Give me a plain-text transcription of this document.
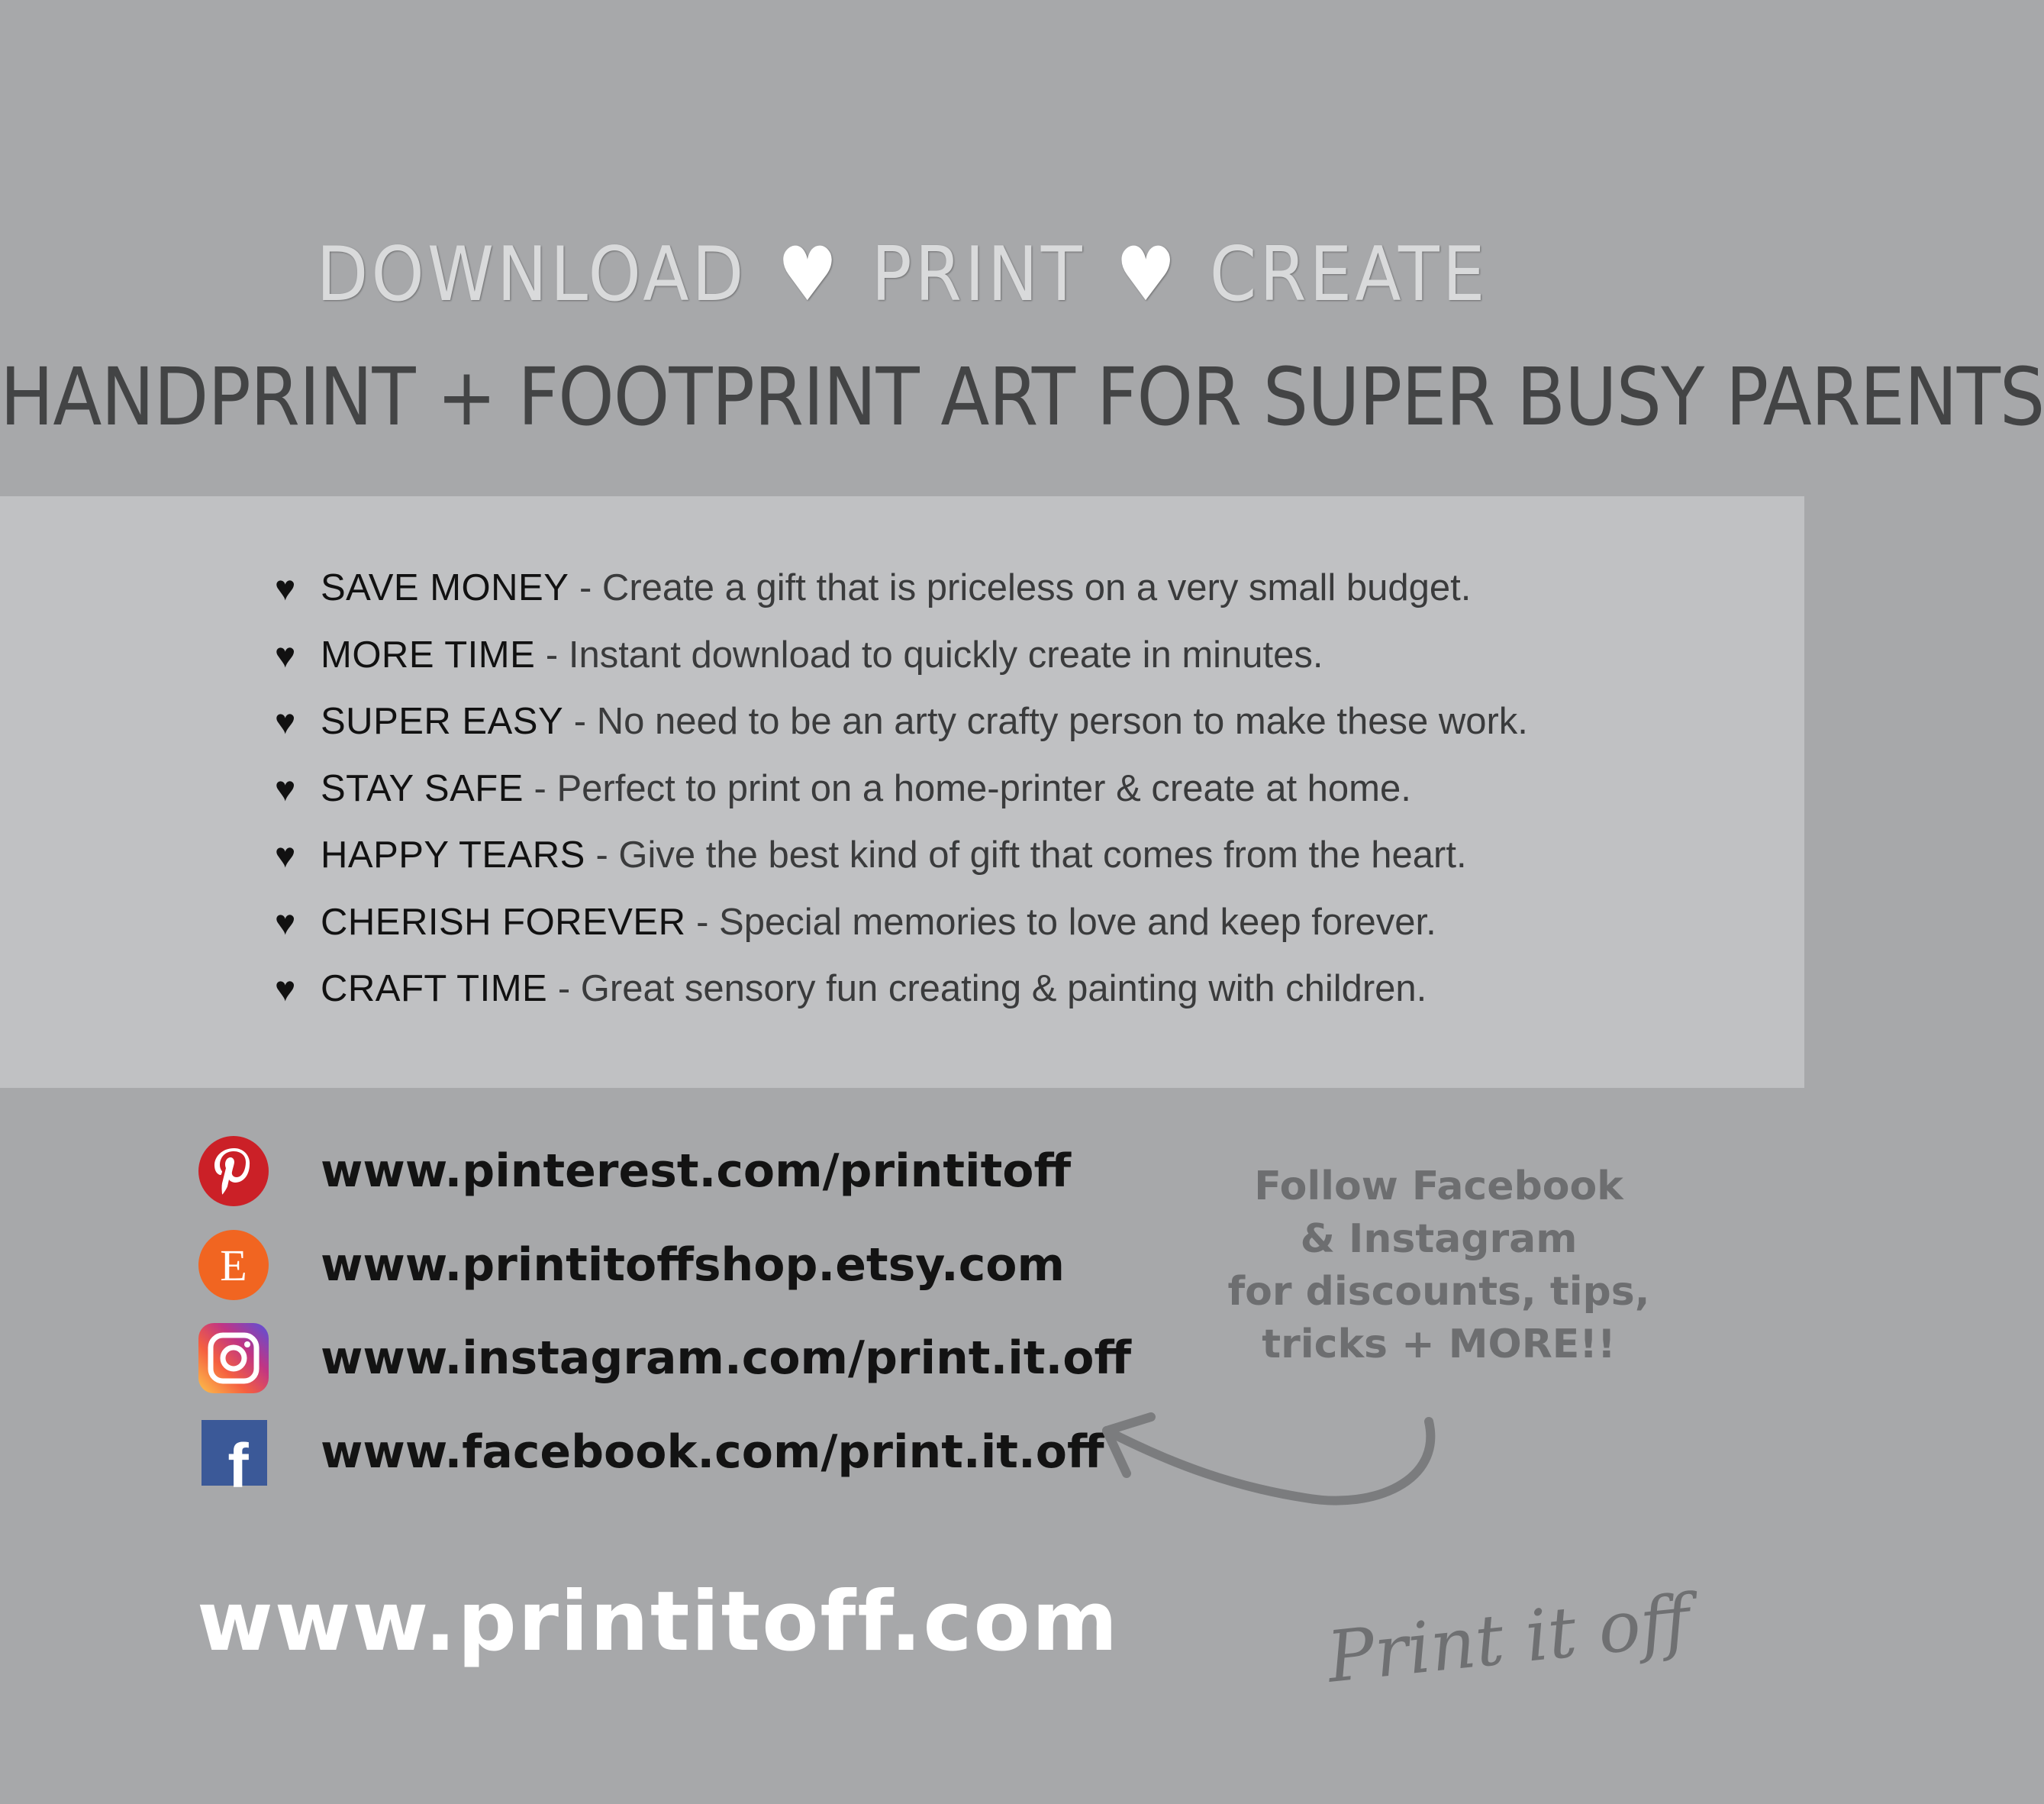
DOWNLOAD ♥ PRINT ♥ CREATE
HANDPRINT + FOOTPRINT ART FOR SUPER BUSY PARENTS
♥ SAVE MONEY - Create a gift that is priceless on a very small budget.
♥ MORE TIME - Instant download to quickly create in minutes.
♥ SUPER EASY - No need to be an arty crafty person to make these work.
♥ STAY SAFE - Perfect to print on a home-printer & create at home.
♥ HAPPY TEARS - Give the best kind of gift that comes from the heart.
♥ CHERISH FOREVER - Special memories to love and keep forever.
♥ CRAFT TIME - Great sensory fun creating & painting with children.
www.pinterest.com/printitoff
E www.printitoffshop.etsy.com
www.instagram.com/print.it.off
f www.facebook.com/print.it.off
Follow Facebook
& Instagram
for discounts, tips,
tricks + MORE!!
www.printitoff.com	Print it off
